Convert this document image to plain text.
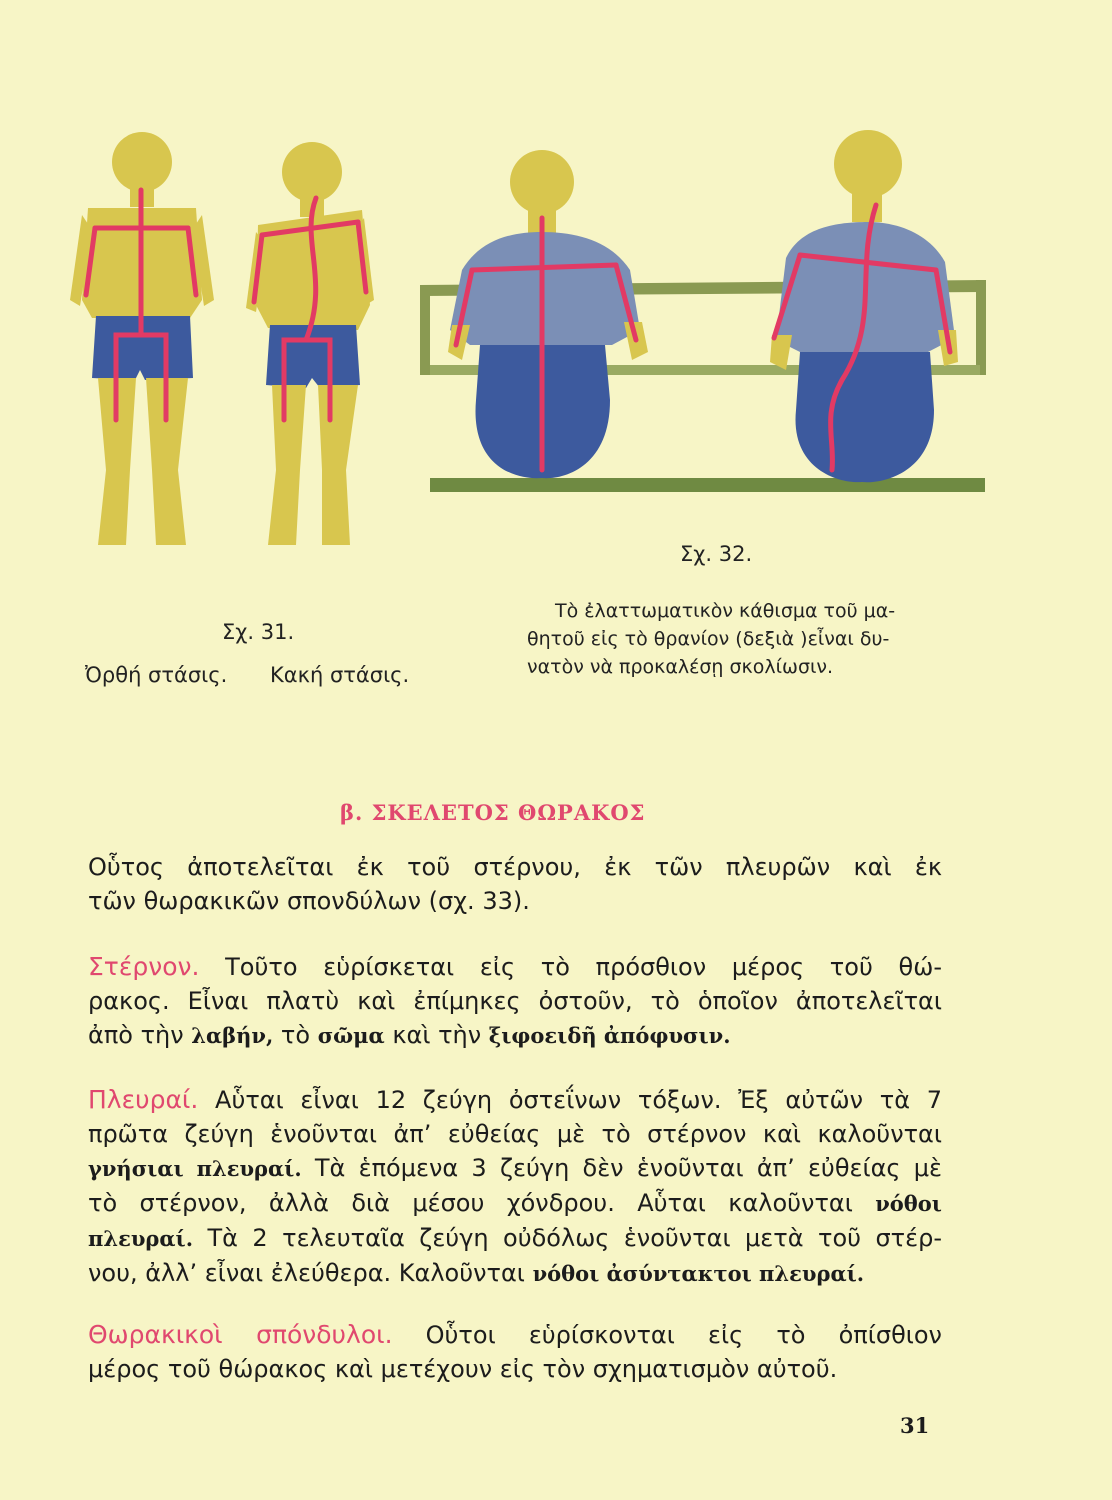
Σχ. 31.
Ὀρθή στάσις. Κακή στάσις.
Σχ. 32.
Τὸ ἐλαττωματικὸν κάθισμα τοῦ μα-
θητοῦ εἰς τὸ θρανίον (δεξιὰ )εἶναι δυ-
νατὸν νὰ προκαλέσῃ σκολίωσιν.
β. ΣΚΕΛΕΤΟΣ ΘΩΡΑΚΟΣ
Οὗτος ἀποτελεῖται ἐκ τοῦ στέρνου, ἐκ τῶν πλευρῶν καὶ ἐκ
τῶν θωρακικῶν σπονδύλων (σχ. 33).
Στέρνον. Τοῦτο εὑρίσκεται εἰς τὸ πρόσθιον μέρος τοῦ θώ-
ρακος. Εἶναι πλατὺ καὶ ἐπίμηκες ὀστοῦν, τὸ ὁποῖον ἀποτελεῖται
ἀπὸ τὴν λαβήν, τὸ σῶμα καὶ τὴν ξιφοειδῆ ἀπόφυσιν.
Πλευραί. Αὗται εἶναι 12 ζεύγη ὀστεΐνων τόξων. Ἐξ αὐτῶν τὰ 7
πρῶτα ζεύγη ἑνοῦνται ἀπ’ εὐθείας μὲ τὸ στέρνον καὶ καλοῦνται
γνήσιαι πλευραί. Τὰ ἑπόμενα 3 ζεύγη δὲν ἑνοῦνται ἀπ’ εὐθείας μὲ
τὸ στέρνον, ἀλλὰ διὰ μέσου χόνδρου. Αὗται καλοῦνται νόθοι
πλευραί. Τὰ 2 τελευταῖα ζεύγη οὐδόλως ἑνοῦνται μετὰ τοῦ στέρ-
νου, ἀλλ’ εἶναι ἐλεύθερα. Καλοῦνται νόθοι ἀσύντακτοι πλευραί.
Θωρακικοὶ σπόνδυλοι. Οὗτοι εὑρίσκονται εἰς τὸ ὀπίσθιον
μέρος τοῦ θώρακος καὶ μετέχουν εἰς τὸν σχηματισμὸν αὐτοῦ.
31
